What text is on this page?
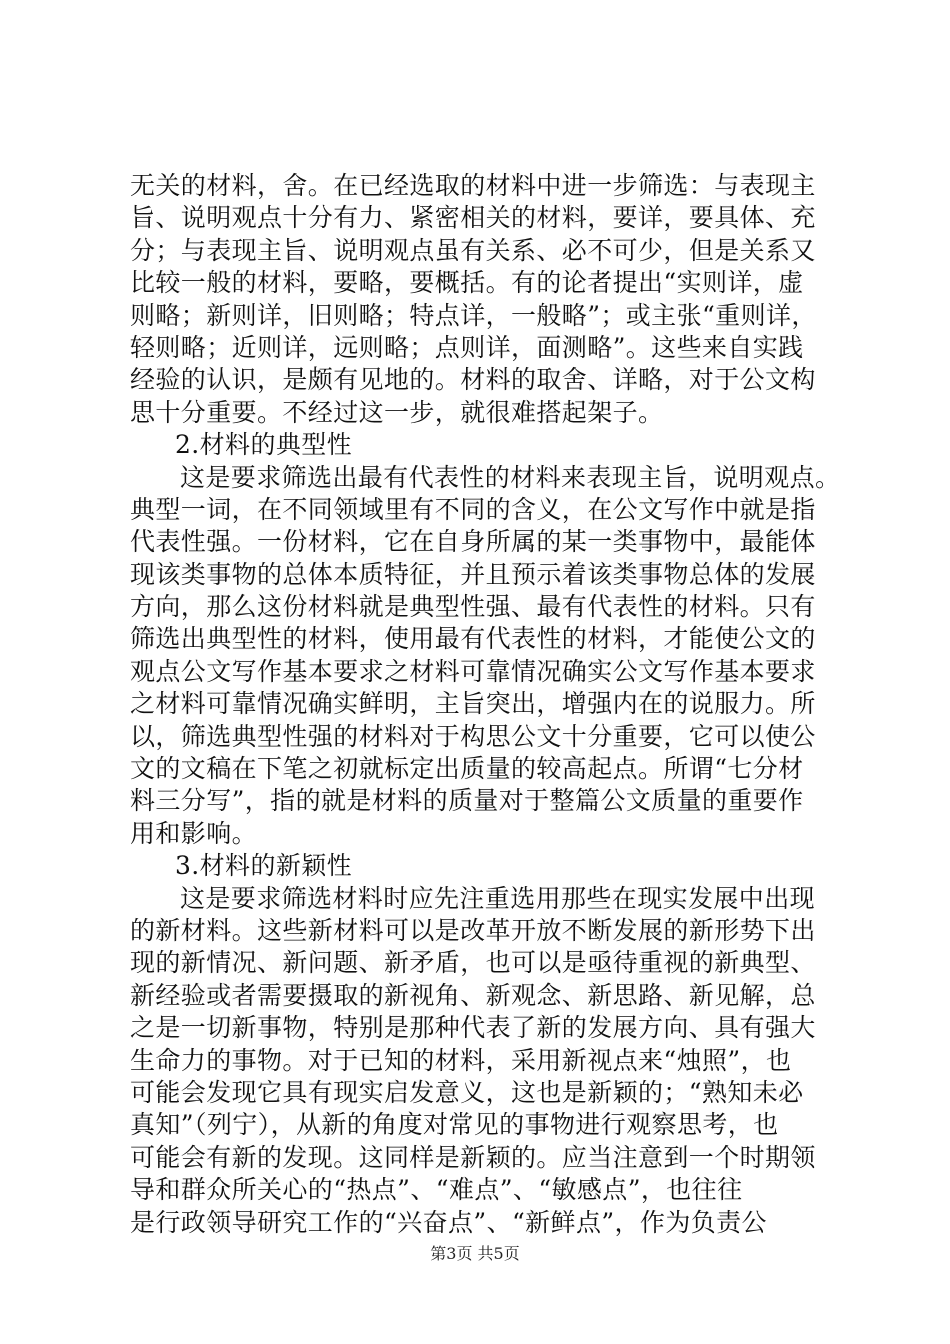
无关的材料，舍。在已经选取的材料中进一步筛选：与表现主
旨、说明观点十分有力、紧密相关的材料，要详，要具体、充
分；与表现主旨、说明观点虽有关系、必不可少，但是关系又
比较一般的材料，要略，要概括。有的论者提出“实则详，虚
则略；新则详，旧则略；特点详，一般略”；或主张“重则详，
轻则略；近则详，远则略；点则详，面测略”。这些来自实践
经验的认识，是颇有见地的。材料的取舍、详略，对于公文构
思十分重要。不经过这一步，就很难搭起架子。
2.材料的典型性
这是要求筛选出最有代表性的材料来表现主旨，说明观点。
典型一词，在不同领域里有不同的含义，在公文写作中就是指
代表性强。一份材料，它在自身所属的某一类事物中，最能体
现该类事物的总体本质特征，并且预示着该类事物总体的发展
方向，那么这份材料就是典型性强、最有代表性的材料。只有
筛选出典型性的材料，使用最有代表性的材料，才能使公文的
观点公文写作基本要求之材料可靠情况确实公文写作基本要求
之材料可靠情况确实鲜明，主旨突出，增强内在的说服力。所
以，筛选典型性强的材料对于构思公文十分重要，它可以使公
文的文稿在下笔之初就标定出质量的较高起点。所谓“七分材
料三分写”，指的就是材料的质量对于整篇公文质量的重要作
用和影响。
3.材料的新颖性
这是要求筛选材料时应先注重选用那些在现实发展中出现
的新材料。这些新材料可以是改革开放不断发展的新形势下出
现的新情况、新问题、新矛盾，也可以是亟待重视的新典型、
新经验或者需要摄取的新视角、新观念、新思路、新见解，总
之是一切新事物，特别是那种代表了新的发展方向、具有强大
生命力的事物。对于已知的材料，采用新视点来“烛照”，也
可能会发现它具有现实启发意义，这也是新颖的；“熟知未必
真知”（列宁），从新的角度对常见的事物进行观察思考，也
可能会有新的发现。这同样是新颖的。应当注意到一个时期领
导和群众所关心的“热点”、“难点”、“敏感点”，也往往
是行政领导研究工作的“兴奋点”、“新鲜点”，作为负责公
第3页 共5页
